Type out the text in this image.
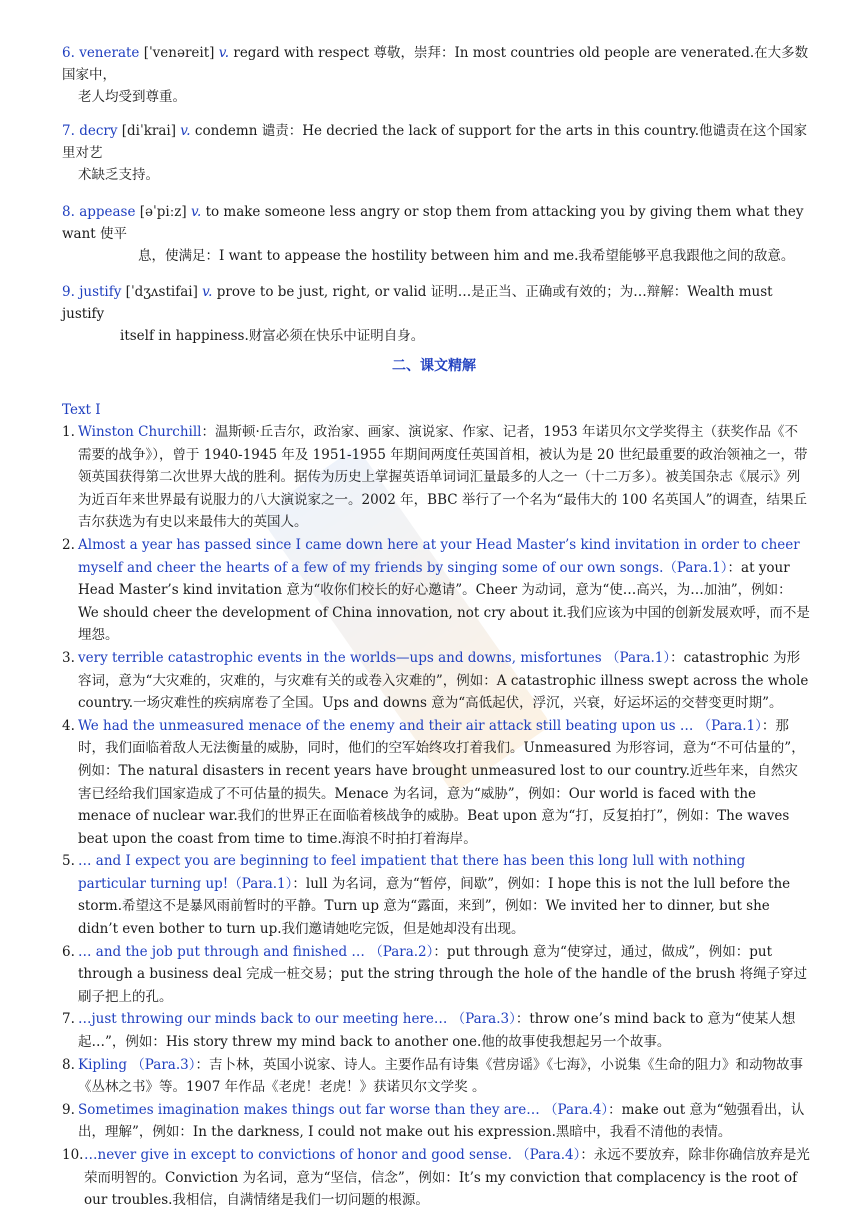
6. venerate [ˈvenəreit] v. regard with respect 尊敬，崇拜：In most countries old people are venerated.在大多数国家中，
老人均受到尊重。
7. decry [diˈkrai] v. condemn 谴责：He decried the lack of support for the arts in this country.他谴责在这个国家里对艺
术缺乏支持。
8. appease [əˈpiːz] v. to make someone less angry or stop them from attacking you by giving them what they want 使平
息，使满足：I want to appease the hostility between him and me.我希望能够平息我跟他之间的敌意。
9. justify [ˈdʒʌstifai] v. prove to be just, right, or valid 证明…是正当、正确或有效的；为…辩解：Wealth must justify
itself in happiness.财富必须在快乐中证明自身。
二、课文精解
Text I

1. Winston Churchill：温斯顿·丘吉尔，政治家、画家、演说家、作家、记者，1953 年诺贝尔文学奖得主（获奖作品《不需要的战争》），曾于 1940-1945 年及 1951-1955 年期间两度任英国首相，被认为是 20 世纪最重要的政治领袖之一，带领英国获得第二次世界大战的胜利。据传为历史上掌握英语单词词汇量最多的人之一（十二万多）。被美国杂志《展示》列为近百年来世界最有说服力的八大演说家之一。2002 年，BBC 举行了一个名为“最伟大的 100 名英国人”的调查，结果丘吉尔获选为有史以来最伟大的英国人。

2. Almost a year has passed since I came down here at your Head Master’s kind invitation in order to cheer myself and cheer the hearts of a few of my friends by singing some of our own songs.（Para.1）：at your Head Master’s kind invitation 意为“收你们校长的好心邀请”。Cheer 为动词，意为“使…高兴，为…加油”，例如：We should cheer the development of China innovation, not cry about it.我们应该为中国的创新发展欢呼，而不是埋怨。

3. very terrible catastrophic events in the worlds—ups and downs, misfortunes （Para.1）：catastrophic 为形容词，意为“大灾难的，灾难的，与灾难有关的或卷入灾难的”，例如：A catastrophic illness swept across the whole country.一场灾难性的疾病席卷了全国。Ups and downs 意为“高低起伏，浮沉，兴衰，好运坏运的交替变更时期”。

4. We had the unmeasured menace of the enemy and their air attack still beating upon us … （Para.1）：那时，我们面临着敌人无法衡量的威胁，同时，他们的空军始终攻打着我们。Unmeasured 为形容词，意为“不可估量的”，例如：The natural disasters in recent years have brought unmeasured lost to our country.近些年来，自然灾害已经给我们国家造成了不可估量的损失。Menace 为名词，意为“威胁”，例如：Our world is faced with the menace of nuclear war.我们的世界正在面临着核战争的威胁。Beat upon 意为“打，反复拍打”，例如：The waves beat upon the coast from time to time.海浪不时拍打着海岸。

5. … and I expect you are beginning to feel impatient that there has been this long lull with nothing particular turning up!（Para.1）：lull 为名词，意为“暂停，间歇”，例如：I hope this is not the lull before the storm.希望这不是暴风雨前暂时的平静。Turn up 意为“露面，来到”，例如：We invited her to dinner, but she didn’t even bother to turn up.我们邀请她吃完饭，但是她却没有出现。

6. … and the job put through and finished … （Para.2）：put through 意为“使穿过，通过，做成”，例如：put through a business deal 完成一桩交易；put the string through the hole of the handle of the brush 将绳子穿过刷子把上的孔。

7. …just throwing our minds back to our meeting here… （Para.3）：throw one’s mind back to 意为“使某人想起…”，例如：His story threw my mind back to another one.他的故事使我想起另一个故事。

8. Kipling （Para.3）：吉卜林，英国小说家、诗人。主要作品有诗集《营房谣》《七海》，小说集《生命的阻力》和动物故事《丛林之书》等。1907 年作品《老虎！老虎！》获诺贝尔文学奖 。

9. Sometimes imagination makes things out far worse than they are… （Para.4）：make out 意为“勉强看出，认出，理解”，例如：In the darkness, I could not make out his expression.黑暗中，我看不清他的表情。

10. …never give in except to convictions of honor and good sense. （Para.4）：永远不要放弃，除非你确信放弃是光荣而明智的。Conviction 为名词，意为“坚信，信念”，例如：It’s my conviction that complacency is the root of our troubles.我相信，自满情绪是我们一切问题的根源。
